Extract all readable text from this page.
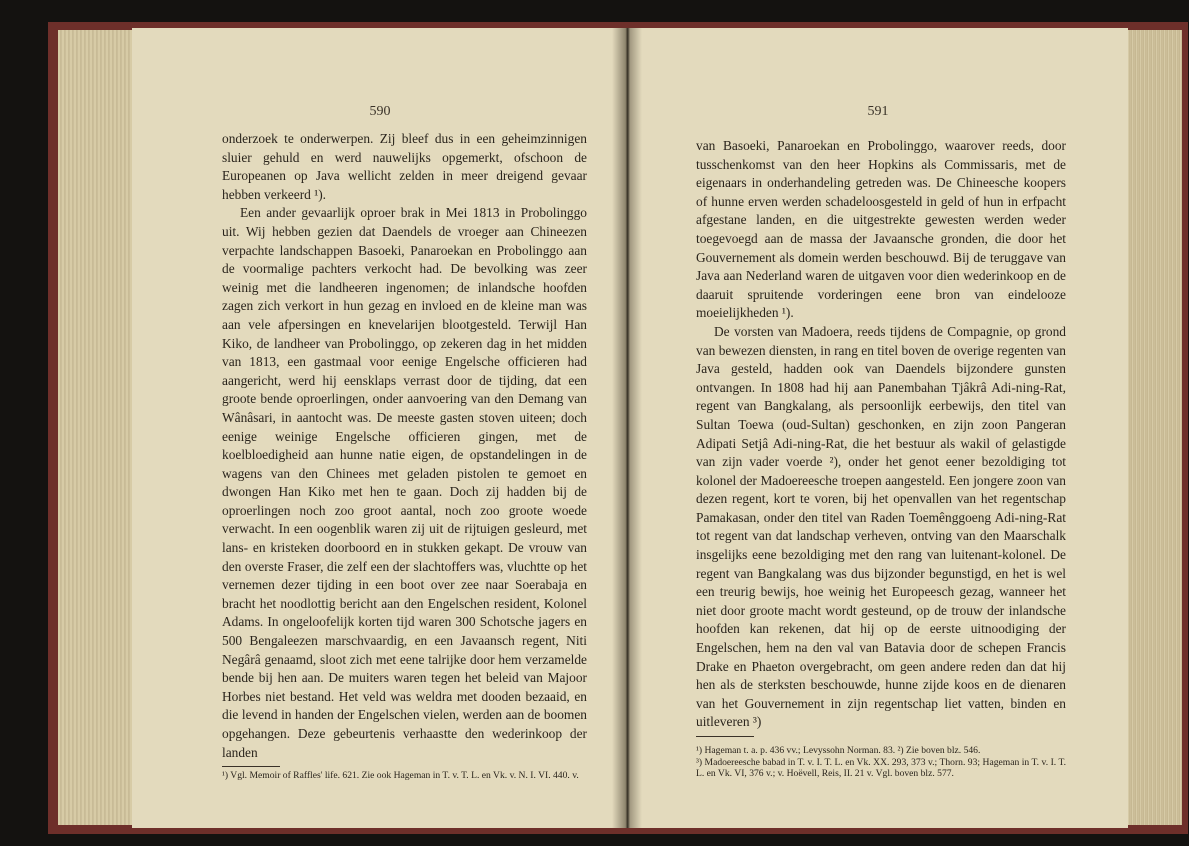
590

onderzoek te onderwerpen. Zij bleef dus in een geheimzinnigen sluier gehuld en werd nauwelijks opgemerkt, ofschoon de Europeanen op Java wellicht zelden in meer dreigend gevaar hebben verkeerd ¹).

Een ander gevaarlijk oproer brak in Mei 1813 in Probolinggo uit. Wij hebben gezien dat Daendels de vroeger aan Chineezen verpachte landschappen Basoeki, Panaroekan en Probolinggo aan de voormalige pachters verkocht had. De bevolking was zeer weinig met die landheeren ingenomen; de inlandsche hoofden zagen zich verkort in hun gezag en invloed en de kleine man was aan vele afpersingen en knevelarijen blootgesteld. Terwijl Han Kiko, de landheer van Probolinggo, op zekeren dag in het midden van 1813, een gastmaal voor eenige Engelsche officieren had aangericht, werd hij eensklaps verrast door de tijding, dat een groote bende oproerlingen, onder aanvoering van den Demang van Wânâsari, in aantocht was. De meeste gasten stoven uiteen; doch eenige weinige Engelsche officieren gingen, met de koelbloedigheid aan hunne natie eigen, de opstandelingen in de wagens van den Chinees met geladen pistolen te gemoet en dwongen Han Kiko met hen te gaan. Doch zij hadden bij de oproerlingen noch zoo groot aantal, noch zoo groote woede verwacht. In een oogenblik waren zij uit de rijtuigen gesleurd, met lans- en kristeken doorboord en in stukken gekapt. De vrouw van den overste Fraser, die zelf een der slachtoffers was, vluchtte op het vernemen dezer tijding in een boot over zee naar Soerabaja en bracht het noodlottig bericht aan den Engelschen resident, Kolonel Adams. In ongeloofelijk korten tijd waren 300 Schotsche jagers en 500 Bengaleezen marschvaardig, en een Javaansch regent, Niti Negârâ genaamd, sloot zich met eene talrijke door hem verzamelde bende bij hen aan. De muiters waren tegen het beleid van Majoor Horbes niet bestand. Het veld was weldra met dooden bezaaid, en die levend in handen der Engelschen vielen, werden aan de boomen opgehangen. Deze gebeurtenis verhaastte den wederinkoop der landen

¹) Vgl. Memoir of Raffles' life. 621. Zie ook Hageman in T. v. T. L. en Vk. v. N. I. VI. 440. v.
591

van Basoeki, Panaroekan en Probolinggo, waarover reeds, door tusschenkomst van den heer Hopkins als Commissaris, met de eigenaars in onderhandeling getreden was. De Chineesche koopers of hunne erven werden schadeloosgesteld in geld of hun in erfpacht afgestane landen, en die uitgestrekte gewesten werden weder toegevoegd aan de massa der Javaansche gronden, die door het Gouvernement als domein werden beschouwd. Bij de teruggave van Java aan Nederland waren de uitgaven voor dien wederinkoop en de daaruit spruitende vorderingen eene bron van eindelooze moeielijkheden ¹).

De vorsten van Madoera, reeds tijdens de Compagnie, op grond van bewezen diensten, in rang en titel boven de overige regenten van Java gesteld, hadden ook van Daendels bijzondere gunsten ontvangen. In 1808 had hij aan Panembahan Tjâkrâ Adi-ning-Rat, regent van Bangkalang, als persoonlijk eerbewijs, den titel van Sultan Toewa (oud-Sultan) geschonken, en zijn zoon Pangeran Adipati Setjâ Adi-ning-Rat, die het bestuur als wakil of gelastigde van zijn vader voerde ²), onder het genot eener bezoldiging tot kolonel der Madoereesche troepen aangesteld. Een jongere zoon van dezen regent, kort te voren, bij het openvallen van het regentschap Pamakasan, onder den titel van Raden Toemênggoeng Adi-ning-Rat tot regent van dat landschap verheven, ontving van den Maarschalk insgelijks eene bezoldiging met den rang van luitenant-kolonel. De regent van Bangkalang was dus bijzonder begunstigd, en het is wel een treurig bewijs, hoe weinig het Europeesch gezag, wanneer het niet door groote macht wordt gesteund, op de trouw der inlandsche hoofden kan rekenen, dat hij op de eerste uitnoodiging der Engelschen, hem na den val van Batavia door de schepen Francis Drake en Phaeton overgebracht, om geen andere reden dan dat hij hen als de sterksten beschouwde, hunne zijde koos en de dienaren van het Gouvernement in zijn regentschap liet vatten, binden en uitleveren ³)

¹) Hageman t. a. p. 436 vv.; Levyssohn Norman. 83. ²) Zie boven blz. 546.
³) Madoereesche babad in T. v. I. T. L. en Vk. XX. 293, 373 v.; Thorn. 93; Hageman in T. v. I. T. L. en Vk. VI, 376 v.; v. Hoëvell, Reis, II. 21 v. Vgl. boven blz. 577.
